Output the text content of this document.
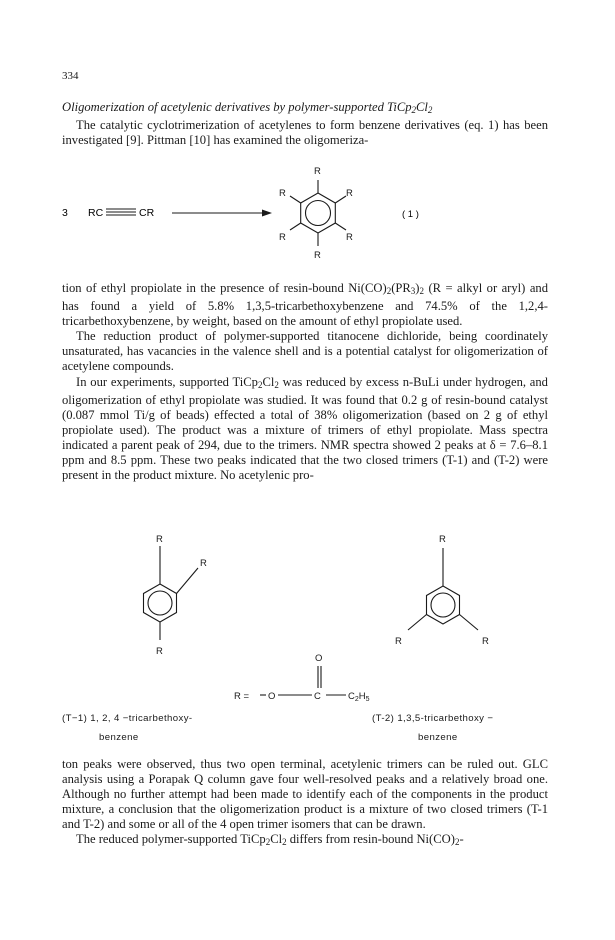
334

Oligomerization of acetylenic derivatives by polymer-supported $TiCp_2Cl_2$

The catalytic cyclotrimerization of acetylenes to form benzene derivatives (eq. 1) has been investigated [9]. Pittman [10] has examined the oligomeriza-

3 RC	CR
R
R
R
R
R
R
( 1 )

tion of ethyl propiolate in the presence of resin-bound $Ni(CO)_2(PR_3)_2$ (R = alkyl or aryl) and has found a yield of 5.8% 1,3,5-tricarbethoxybenzene and 74.5% of the 1,2,4-tricarbethoxybenzene, by weight, based on the amount of ethyl propiolate used.

The reduction product of polymer-supported titanocene dichloride, being coordinately unsaturated, has vacancies in the valence shell and is a potential catalyst for oligomerization of acetylene compounds.

In our experiments, supported $TiCp_2Cl_2$ was reduced by excess n-BuLi under hydrogen, and oligomerization of ethyl propiolate was studied. It was found that 0.2 g of resin-bound catalyst (0.087 mmol Ti/g of beads) effected a total of 38% oligomerization (based on 2 g of ethyl propiolate used). The product was a mixture of trimers of ethyl propiolate. Mass spectra indicated a parent peak of 294, due to the trimers. NMR spectra showed 2 peaks at δ = 7.6–8.1 ppm and 8.5 ppm. These two peaks indicated that the two closed trimers (T-1) and (T-2) were present in the product mixture. No acetylenic pro-

R
R
R
R
R	R
R = O	C
O
$C_2H_5$
(T−1) 1, 2, 4 −tricarbethoxy-
benzene
(T-2) 1,3,5-tricarbethoxy −
benzene

ton peaks were observed, thus two open terminal, acetylenic trimers can be ruled out. GLC analysis using a Porapak Q column gave four well-resolved peaks and a relatively broad one. Although no further attempt had been made to identify each of the components in the product mixture, a conclusion that the oligomerization product is a mixture of two closed trimers (T-1 and T-2) and some or all of the 4 open trimer isomers that can be drawn.

The reduced polymer-supported $TiCp_2Cl_2$ differs from resin-bound $Ni(CO)_2-$
